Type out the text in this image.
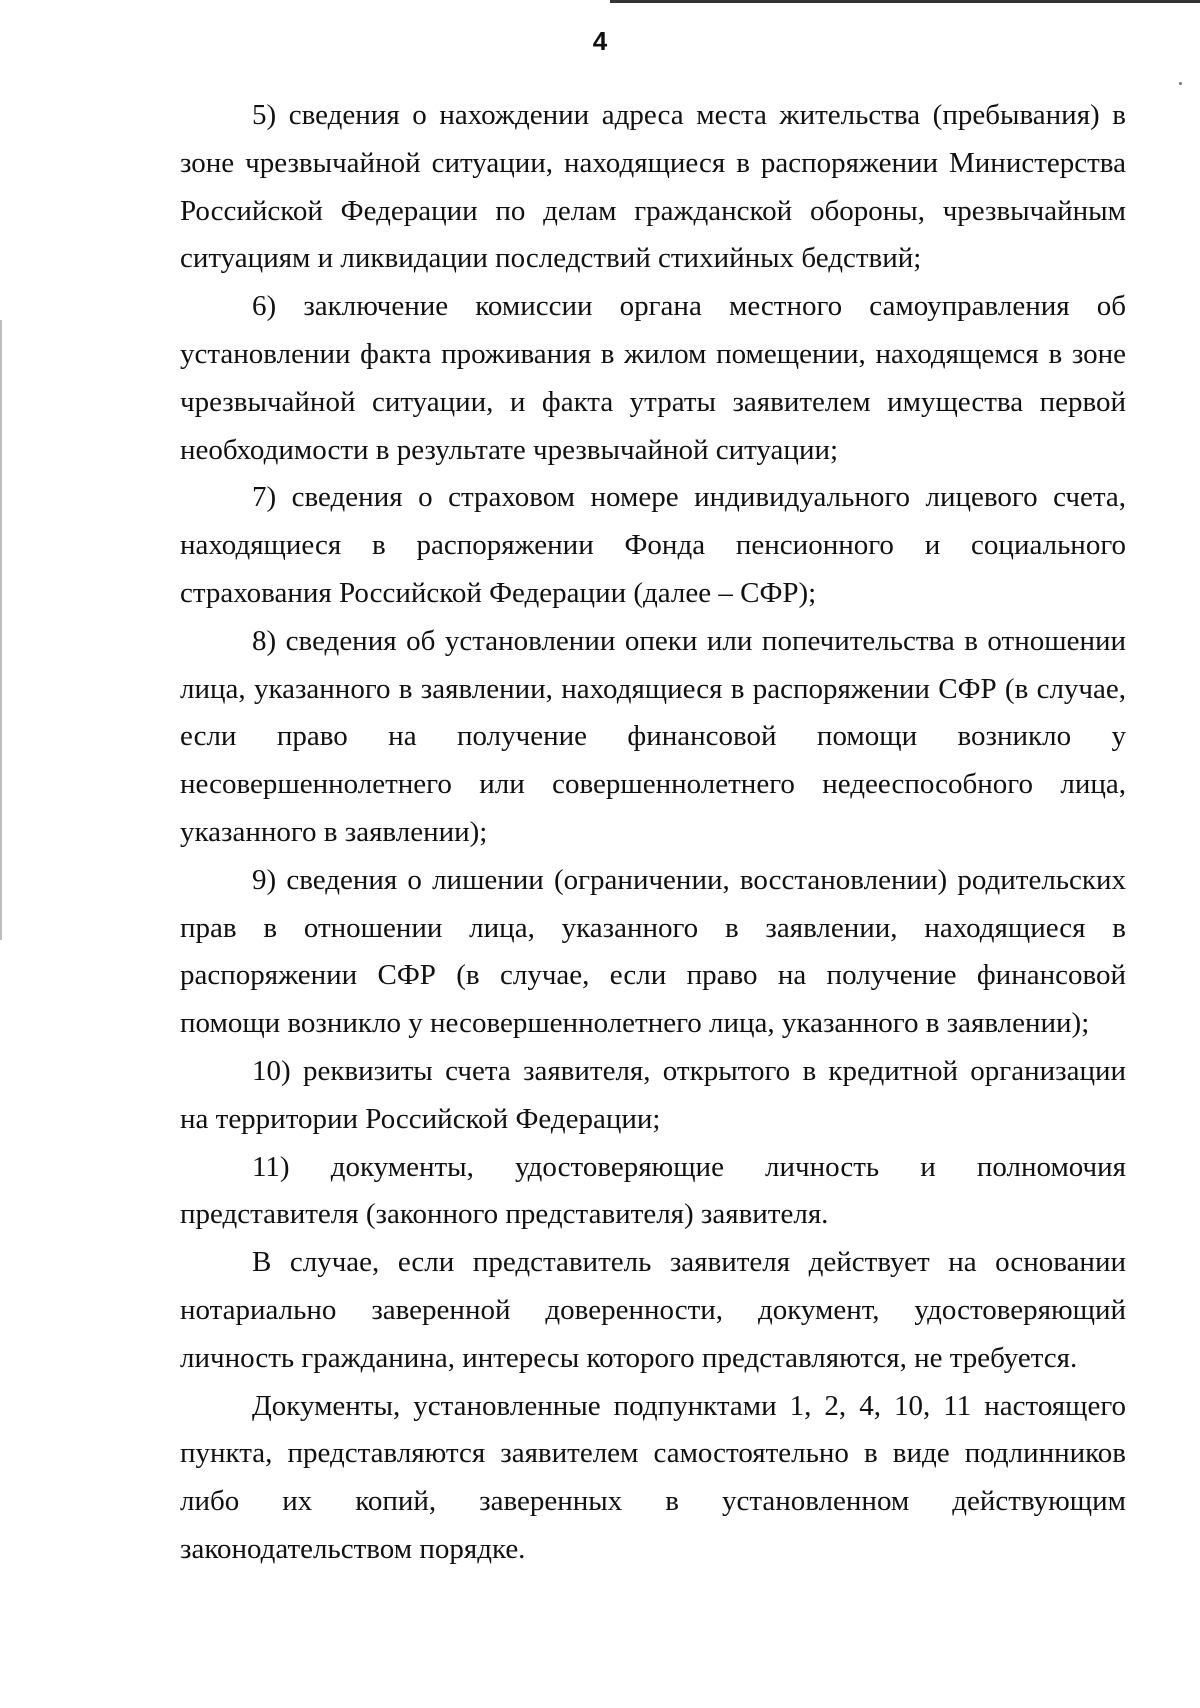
4

5) сведения о нахождении адреса места жительства (пребывания) в зоне чрезвычайной ситуации, находящиеся в распоряжении Министерства Российской Федерации по делам гражданской обороны, чрезвычайным ситуациям и ликвидации последствий стихийных бедствий;

6) заключение комиссии органа местного самоуправления об установлении факта проживания в жилом помещении, находящемся в зоне чрезвычайной ситуации, и факта утраты заявителем имущества первой необходимости в результате чрезвычайной ситуации;

7) сведения о страховом номере индивидуального лицевого счета, находящиеся в распоряжении Фонда пенсионного и социального страхования Российской Федерации (далее – СФР);

8) сведения об установлении опеки или попечительства в отношении лица, указанного в заявлении, находящиеся в распоряжении СФР (в случае, если право на получение финансовой помощи возникло у несовершеннолетнего или совершеннолетнего недееспособного лица, указанного в заявлении);

9) сведения о лишении (ограничении, восстановлении) родительских прав в отношении лица, указанного в заявлении, находящиеся в распоряжении СФР (в случае, если право на получение финансовой помощи возникло у несовершеннолетнего лица, указанного в заявлении);

10) реквизиты счета заявителя, открытого в кредитной организации на территории Российской Федерации;

11) документы, удостоверяющие личность и полномочия представителя (законного представителя) заявителя.

В случае, если представитель заявителя действует на основании нотариально заверенной доверенности, документ, удостоверяющий личность гражданина, интересы которого представляются, не требуется.

Документы, установленные подпунктами 1, 2, 4, 10, 11 настоящего пункта, представляются заявителем самостоятельно в виде подлинников либо их копий, заверенных в установленном действующим законодательством порядке.
